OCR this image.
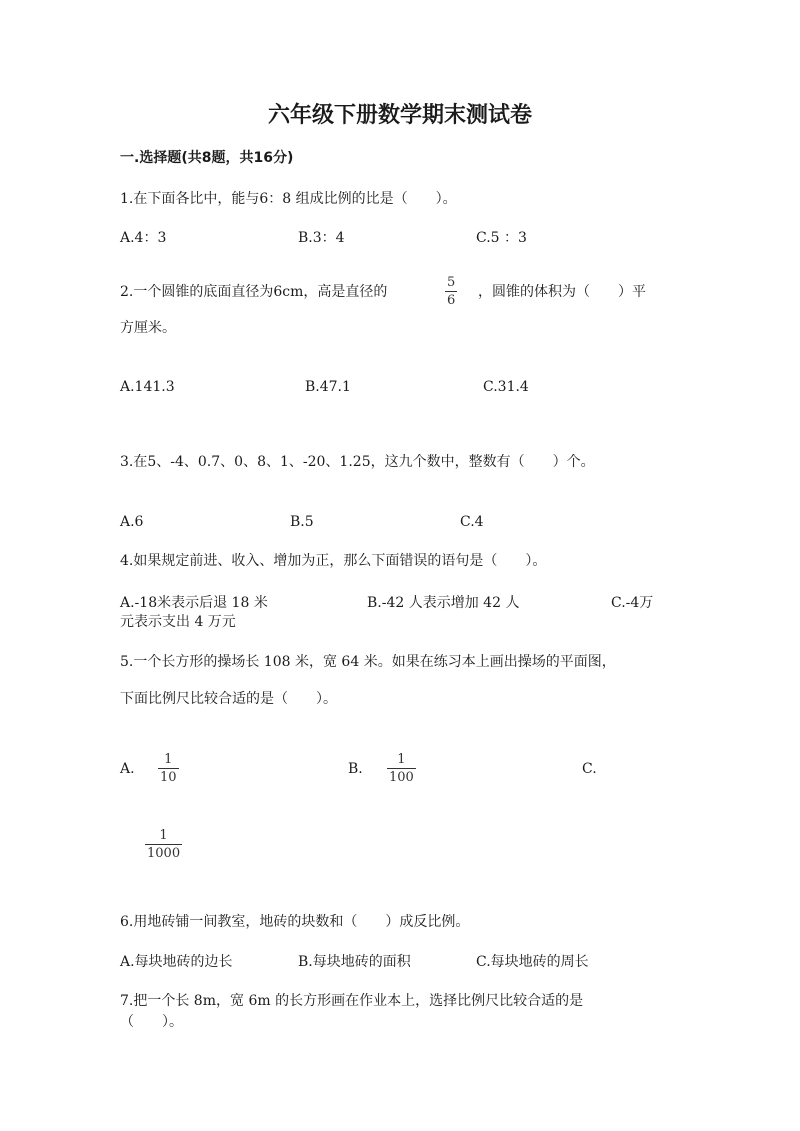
六年级下册数学期末测试卷
一.选择题(共8题，共16分)
1.在下面各比中，能与6：8 组成比例的比是（　　）。
A.4：3	B.3：4	C.5 ：3
2.一个圆锥的底面直径为6cm，高是直径的
5
6
，圆锥的体积为（　　）平
方厘米。
A.141.3	B.47.1	C.31.4
3.在5、-4、0.7、0、8、1、-20、1.25，这九个数中，整数有（　　）个。
A.6	B.5	C.4
4.如果规定前进、收入、增加为正，那么下面错误的语句是（　　）。
A.-18米表示后退 18 米	B.-42 人表示增加 42 人	C.-4万
元表示支出 4 万元
5.一个长方形的操场长 108 米，宽 64 米。如果在练习本上画出操场的平面图，
下面比例尺比较合适的是（　　）。
A.
1
10
B.
1
100
C.
1
1000
6.用地砖铺一间教室，地砖的块数和（　　）成反比例。
A.每块地砖的边长	B.每块地砖的面积	C.每块地砖的周长
7.把一个长 8m，宽 6m 的长方形画在作业本上，选择比例尺比较合适的是
（　　）。
